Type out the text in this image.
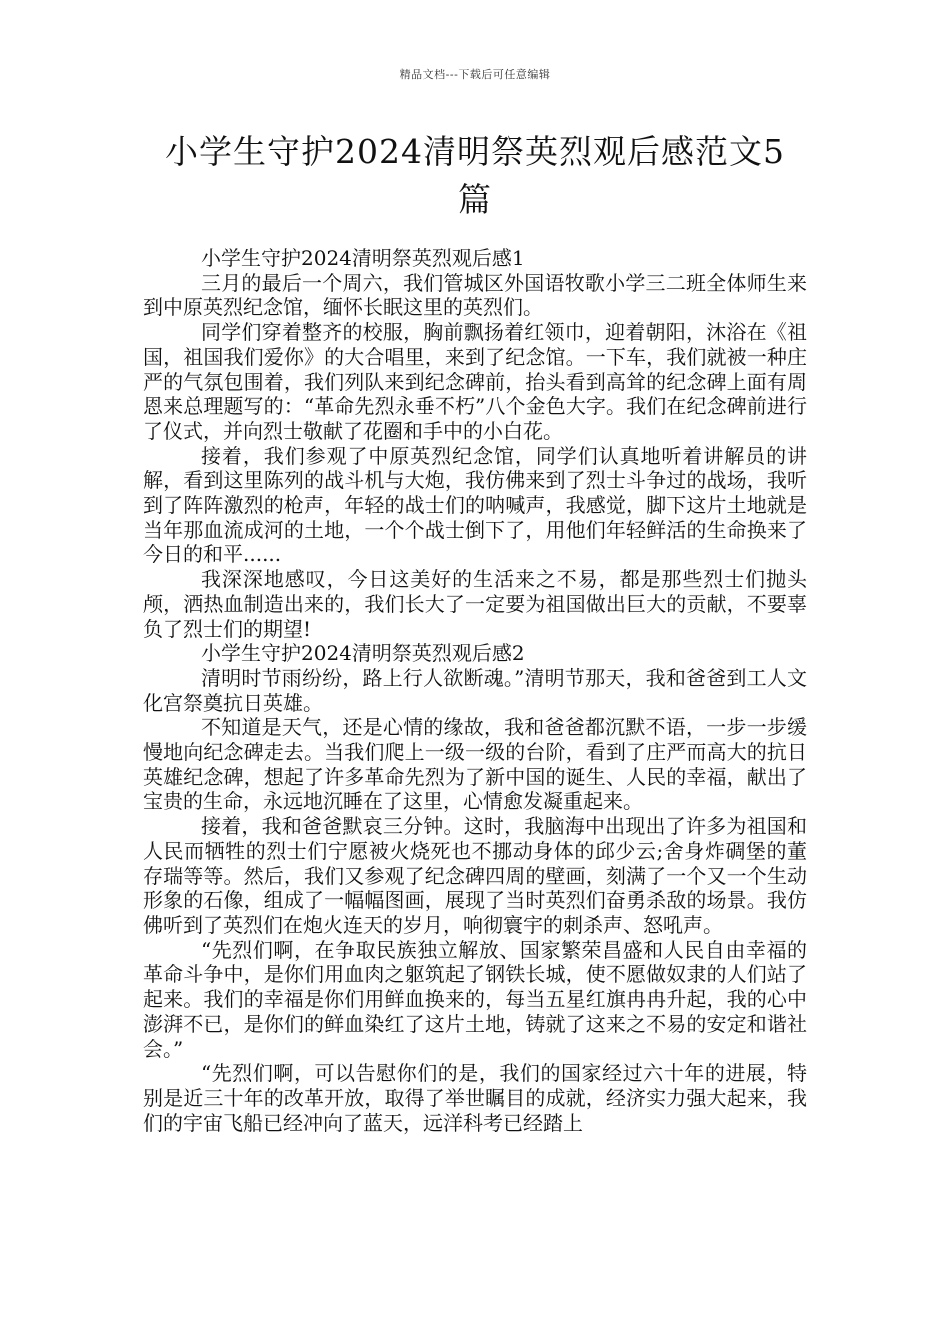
精品文档---下载后可任意编辑
小学生守护2024清明祭英烈观后感范文5篇

小学生守护2024清明祭英烈观后感1

三月的最后一个周六，我们管城区外国语牧歌小学三二班全体师生来到中原英烈纪念馆，缅怀长眠这里的英烈们。

同学们穿着整齐的校服，胸前飘扬着红领巾，迎着朝阳，沐浴在《祖国，祖国我们爱你》的大合唱里，来到了纪念馆。一下车，我们就被一种庄严的气氛包围着，我们列队来到纪念碑前，抬头看到高耸的纪念碑上面有周恩来总理题写的：“革命先烈永垂不朽”八个金色大字。我们在纪念碑前进行了仪式，并向烈士敬献了花圈和手中的小白花。

接着，我们参观了中原英烈纪念馆，同学们认真地听着讲解员的讲解，看到这里陈列的战斗机与大炮，我仿佛来到了烈士斗争过的战场，我听到了阵阵激烈的枪声，年轻的战士们的呐喊声，我感觉，脚下这片土地就是当年那血流成河的土地，一个个战士倒下了，用他们年轻鲜活的生命换来了今日的和平......

我深深地感叹，今日这美好的生活来之不易，都是那些烈士们抛头颅，洒热血制造出来的，我们长大了一定要为祖国做出巨大的贡献，不要辜负了烈士们的期望!

小学生守护2024清明祭英烈观后感2

清明时节雨纷纷，路上行人欲断魂。”清明节那天，我和爸爸到工人文化宫祭奠抗日英雄。

不知道是天气，还是心情的缘故，我和爸爸都沉默不语，一步一步缓慢地向纪念碑走去。当我们爬上一级一级的台阶，看到了庄严而高大的抗日英雄纪念碑，想起了许多革命先烈为了新中国的诞生、人民的幸福，献出了宝贵的生命，永远地沉睡在了这里，心情愈发凝重起来。

接着，我和爸爸默哀三分钟。这时，我脑海中出现出了许多为祖国和人民而牺牲的烈士们宁愿被火烧死也不挪动身体的邱少云;舍身炸碉堡的董存瑞等等。然后，我们又参观了纪念碑四周的壁画，刻满了一个又一个生动形象的石像，组成了一幅幅图画，展现了当时英烈们奋勇杀敌的场景。我仿佛听到了英烈们在炮火连天的岁月，响彻寰宇的刺杀声、怒吼声。

“先烈们啊，在争取民族独立解放、国家繁荣昌盛和人民自由幸福的革命斗争中，是你们用血肉之躯筑起了钢铁长城，使不愿做奴隶的人们站了起来。我们的幸福是你们用鲜血换来的，每当五星红旗冉冉升起，我的心中澎湃不已，是你们的鲜血染红了这片土地，铸就了这来之不易的安定和谐社会。”

“先烈们啊，可以告慰你们的是，我们的国家经过六十年的进展，特别是近三十年的改革开放，取得了举世瞩目的成就，经济实力强大起来，我们的宇宙飞船已经冲向了蓝天，远洋科考已经踏上
